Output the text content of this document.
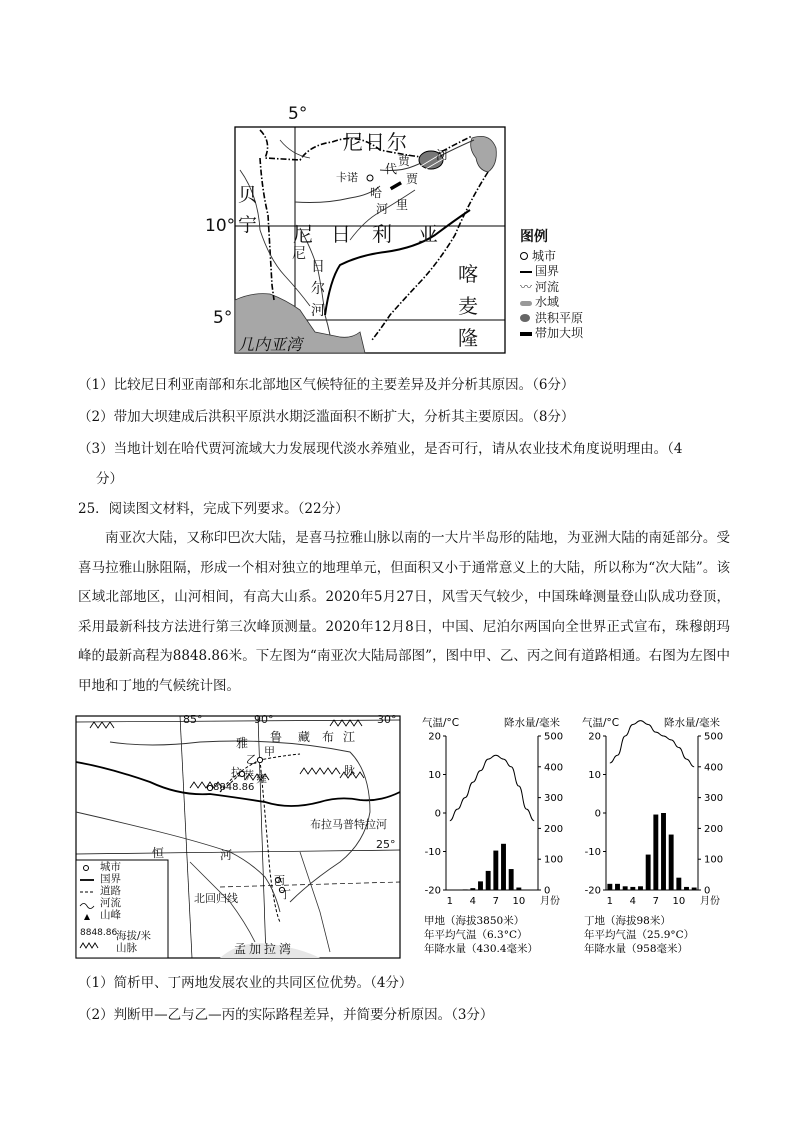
5°
10°
5°
尼日尔
贝
宁 尼 日 利 亚
喀
麦
隆
尼
日
尔
河
几内亚湾
卡诺
贾 河
代
贾
哈
河 里
图例
城市
国界
〰 河流
水域
洪积平原
帯加大坝
（1）比较尼日利亚南部和东北部地区气候特征的主要差异及并分析其原因。（6分）
（2）带加大坝建成后洪积平原洪水期泛滥面积不断扩大，分析其主要原因。（8分）
（3）当地计划在哈代贾河流域大力发展现代淡水养殖业，是否可行，请从农业技术角度说明理由。（4
分）
25．阅读图文材料，完成下列要求。（22分）
南亚次大陆，又称印巴次大陆，是喜马拉雅山脉以南的一大片半岛形的陆地，为亚洲大陆的南延部分。受喜马拉雅山脉阻隔，形成一个相对独立的地理单元，但面积又小于通常意义上的大陆，所以称为“次大陆”。该区域北部地区，山河相间，有高大山系。2020年5月27日，风雪天气较少，中国珠峰测量登山队成功登顶，采用最新科技方法进行第三次峰顶测量。2020年12月8日，中国、尼泊尔两国向全世界正式宣布，珠穆朗玛峰的最新高程为8848.86米。下左图为“南亚次大陆局部图”，图中甲、乙、丙之间有道路相通。右图为左图中甲地和丁地的气候统计图。
85°	90°	30°
25°
雅 鲁 藏 布 江
甲
乙
拉 萨
8848.86
雍
脉
布拉马普特拉河
恒	河
丙
丁
北回归线
孟加拉湾
城市
国界
道路
河流
山峰
8848.86
海拔/米
山脉
气温/°C	降水量/毫米
20
10
0
-10
-20
500
400
300
200
100
0
1 4 7 10 月份
甲地（海拔3850米）
年平均气温（6.3°C）
年降水量（430.4毫米）
气温/°C	降水量/毫米
20
10
0
-10
-20
500
400
300
200
100
0
1 4 7 10 月份
丁地（海拔98米）
年平均气温（25.9°C）
年降水量（958毫米）
（1）简析甲、丁两地发展农业的共同区位优势。（4分）
（2）判断甲—乙与乙—丙的实际路程差异，并简要分析原因。（3分）
